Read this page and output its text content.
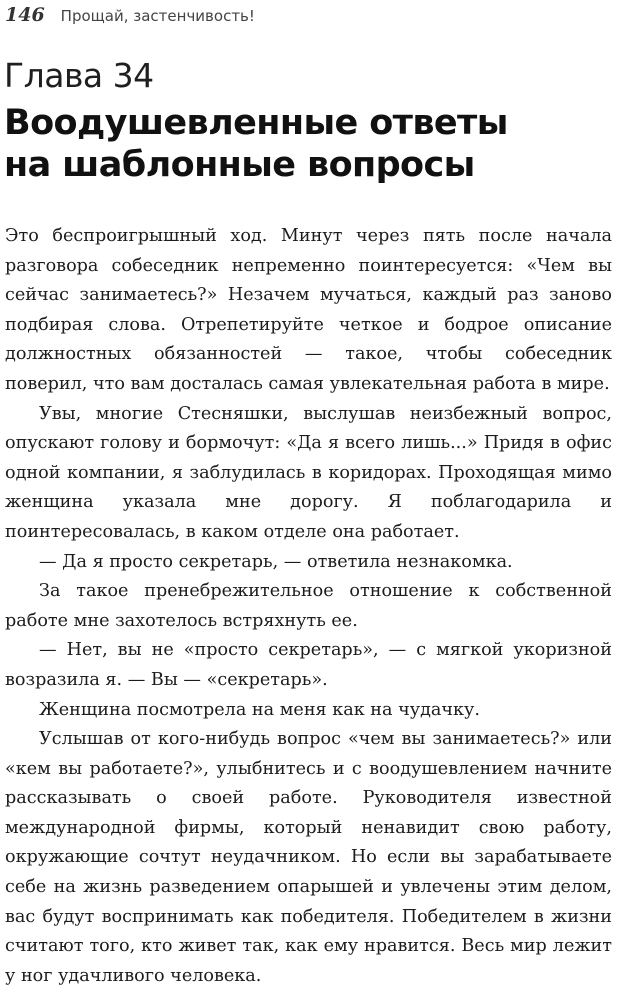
146 Прощай, застенчивость!
Глава 34
Воодушевленные ответы
на шаблонные вопросы

Это беспроигрышный ход. Минут через пять после начала разговора собеседник непременно поинтересуется: «Чем вы сейчас занимаетесь?» Незачем мучаться, каждый раз заново подбирая слова. Отрепетируйте четкое и бодрое описание должностных обязанностей — такое, чтобы собеседник поверил, что вам досталась самая увлекательная работа в мире.

Увы, многие Стесняшки, выслушав неизбежный вопрос, опускают голову и бормочут: «Да я всего лишь...» Придя в офис одной компании, я заблудилась в коридорах. Проходящая мимо женщина указала мне дорогу. Я поблагодарила и поинтересовалась, в каком отделе она работает.

— Да я просто секретарь, — ответила незнакомка.

За такое пренебрежительное отношение к собственной работе мне захотелось встряхнуть ее.

— Нет, вы не «просто секретарь», — с мягкой укоризной возразила я. — Вы — «секретарь».

Женщина посмотрела на меня как на чудачку.

Услышав от кого-нибудь вопрос «чем вы занимаетесь?» или «кем вы работаете?», улыбнитесь и с воодушевлением начните рассказывать о своей работе. Руководителя известной международной фирмы, который ненавидит свою работу, окружающие сочтут неудачником. Но если вы зарабатываете себе на жизнь разведением опарышей и увлечены этим делом, вас будут воспринимать как победителя. Победителем в жизни считают того, кто живет так, как ему нравится. Весь мир лежит у ног удачливого человека.
